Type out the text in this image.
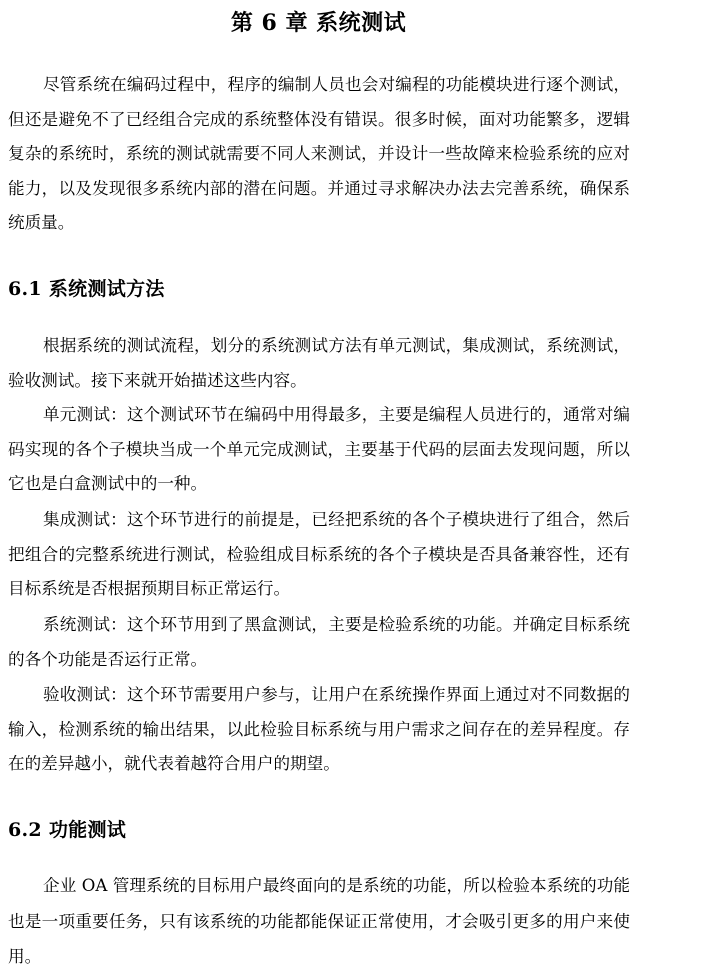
第 6 章 系统测试

尽管系统在编码过程中，程序的编制人员也会对编程的功能模块进行逐个测试，但还是避免不了已经组合完成的系统整体没有错误。很多时候，面对功能繁多，逻辑复杂的系统时，系统的测试就需要不同人来测试，并设计一些故障来检验系统的应对能力，以及发现很多系统内部的潜在问题。并通过寻求解决办法去完善系统，确保系统质量。

6.1 系统测试方法

根据系统的测试流程，划分的系统测试方法有单元测试，集成测试，系统测试，验收测试。接下来就开始描述这些内容。

单元测试：这个测试环节在编码中用得最多，主要是编程人员进行的，通常对编码实现的各个子模块当成一个单元完成测试，主要基于代码的层面去发现问题，所以它也是白盒测试中的一种。

集成测试：这个环节进行的前提是，已经把系统的各个子模块进行了组合，然后把组合的完整系统进行测试，检验组成目标系统的各个子模块是否具备兼容性，还有目标系统是否根据预期目标正常运行。

系统测试：这个环节用到了黑盒测试，主要是检验系统的功能。并确定目标系统的各个功能是否运行正常。

验收测试：这个环节需要用户参与，让用户在系统操作界面上通过对不同数据的输入，检测系统的输出结果，以此检验目标系统与用户需求之间存在的差异程度。存在的差异越小，就代表着越符合用户的期望。

6.2 功能测试

企业 OA 管理系统的目标用户最终面向的是系统的功能，所以检验本系统的功能也是一项重要任务，只有该系统的功能都能保证正常使用，才会吸引更多的用户来使用。
